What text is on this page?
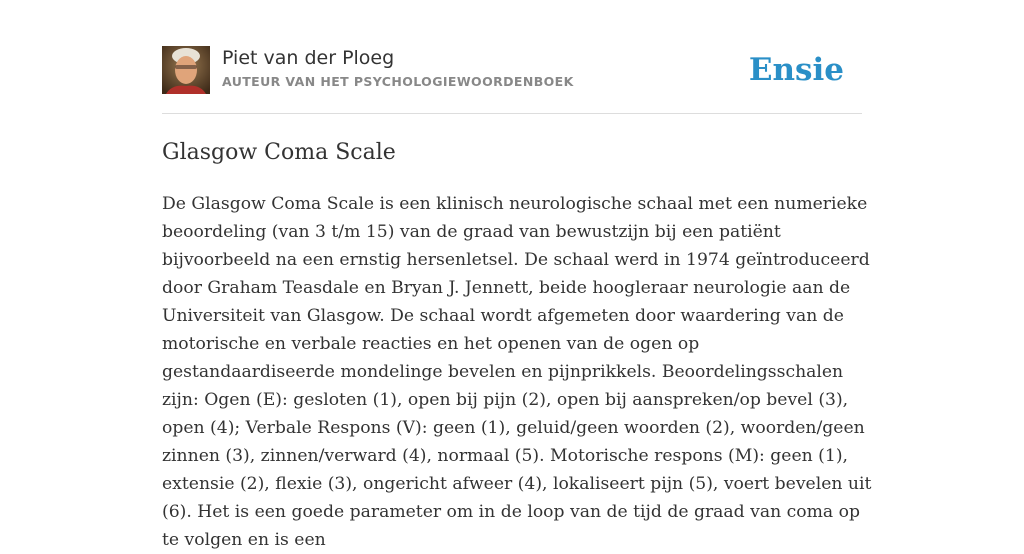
Piet van der Ploeg
AUTEUR VAN HET PSYCHOLOGIEWOORDENBOEK	Ensie
Glasgow Coma Scale

De Glasgow Coma Scale is een klinisch neurologische schaal met een numerieke beoordeling (van 3 t/m 15) van de graad van bewustzijn bij een patiënt bijvoorbeeld na een ernstig hersenletsel. De schaal werd in 1974 geïntroduceerd door Graham Teasdale en Bryan J. Jennett, beide hoogleraar neurologie aan de Universiteit van Glasgow. De schaal wordt afgemeten door waardering van de motorische en verbale reacties en het openen van de ogen op gestandaardiseerde mondelinge bevelen en pijnprikkels. Beoordelingsschalen zijn: Ogen (E): gesloten (1), open bij pijn (2), open bij aanspreken/op bevel (3), open (4); Verbale Respons (V): geen (1), geluid/geen woorden (2), woorden/geen zinnen (3), zinnen/verward (4), normaal (5). Motorische respons (M): geen (1), extensie (2), flexie (3), ongericht afweer (4), lokaliseert pijn (5), voert bevelen uit (6). Het is een goede parameter om in de loop van de tijd de graad van coma op te volgen en is een
